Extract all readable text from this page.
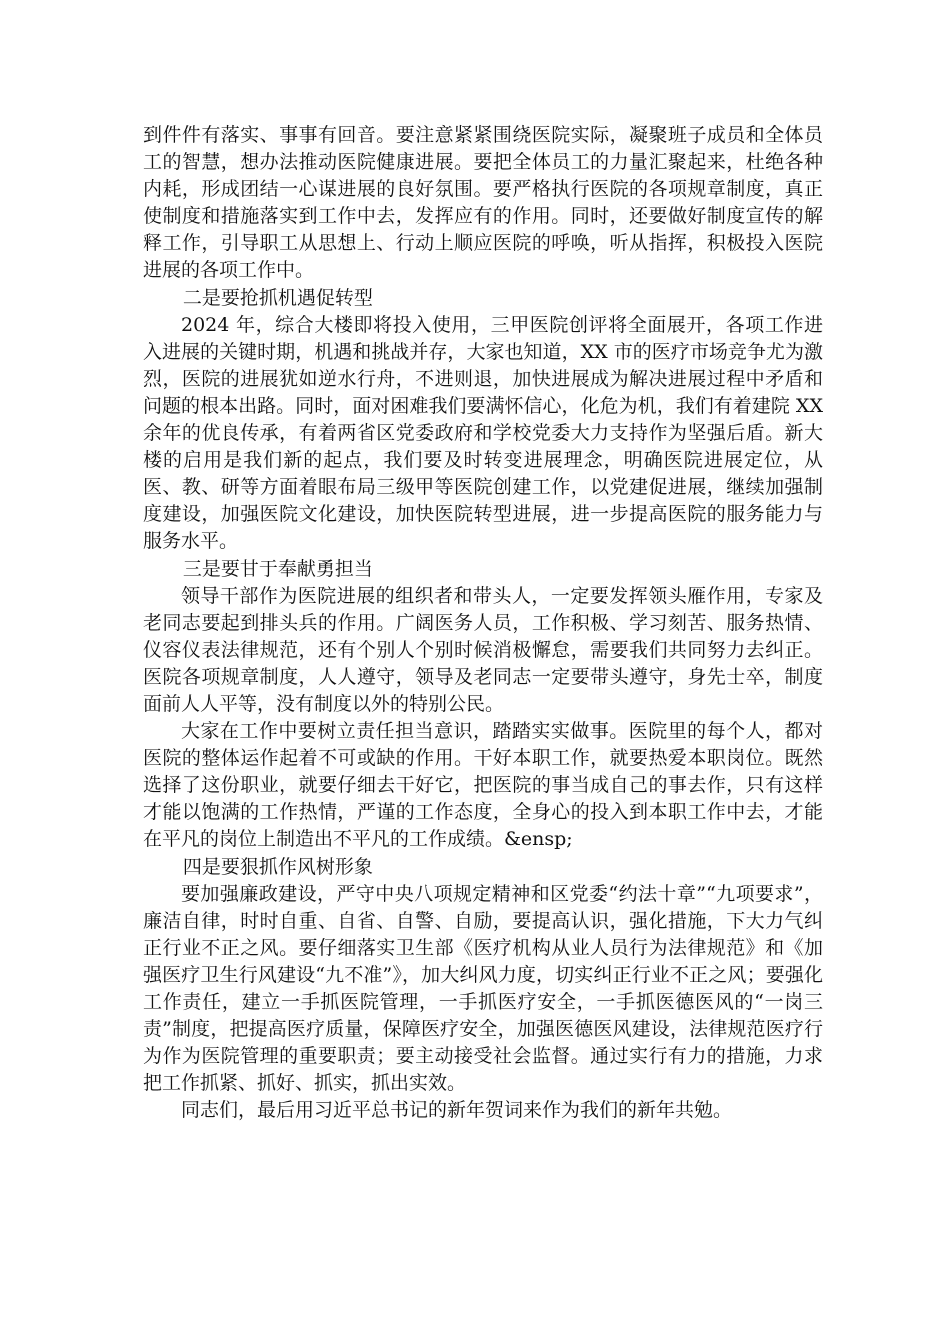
到件件有落实、事事有回音。要注意紧紧围绕医院实际，凝聚班子成员和全体员工的智慧，想办法推动医院健康进展。要把全体员工的力量汇聚起来，杜绝各种内耗，形成团结一心谋进展的良好氛围。要严格执行医院的各项规章制度，真正使制度和措施落实到工作中去，发挥应有的作用。同时，还要做好制度宣传的解释工作，引导职工从思想上、行动上顺应医院的呼唤，听从指挥，积极投入医院进展的各项工作中。

二是要抢抓机遇促转型

2024 年，综合大楼即将投入使用，三甲医院创评将全面展开，各项工作进入进展的关键时期，机遇和挑战并存，大家也知道，XX 市的医疗市场竞争尤为激烈，医院的进展犹如逆水行舟，不进则退，加快进展成为解决进展过程中矛盾和问题的根本出路。同时，面对困难我们要满怀信心，化危为机，我们有着建院 XX 余年的优良传承，有着两省区党委政府和学校党委大力支持作为坚强后盾。新大楼的启用是我们新的起点，我们要及时转变进展理念，明确医院进展定位，从医、教、研等方面着眼布局三级甲等医院创建工作，以党建促进展，继续加强制度建设，加强医院文化建设，加快医院转型进展，进一步提高医院的服务能力与服务水平。

三是要甘于奉献勇担当

领导干部作为医院进展的组织者和带头人，一定要发挥领头雁作用，专家及老同志要起到排头兵的作用。广阔医务人员，工作积极、学习刻苦、服务热情、仪容仪表法律规范，还有个别人个别时候消极懈怠，需要我们共同努力去纠正。医院各项规章制度，人人遵守，领导及老同志一定要带头遵守，身先士卒，制度面前人人平等，没有制度以外的特别公民。

大家在工作中要树立责任担当意识，踏踏实实做事。医院里的每个人，都对医院的整体运作起着不可或缺的作用。干好本职工作，就要热爱本职岗位。既然选择了这份职业，就要仔细去干好它，把医院的事当成自己的事去作，只有这样才能以饱满的工作热情，严谨的工作态度，全身心的投入到本职工作中去，才能在平凡的岗位上制造出不平凡的工作成绩。&ensp;

四是要狠抓作风树形象

要加强廉政建设，严守中央八项规定精神和区党委“约法十章”“九项要求”，廉洁自律，时时自重、自省、自警、自励，要提高认识，强化措施，下大力气纠正行业不正之风。要仔细落实卫生部《医疗机构从业人员行为法律规范》和《加强医疗卫生行风建设“九不准”》，加大纠风力度，切实纠正行业不正之风；要强化工作责任，建立一手抓医院管理，一手抓医疗安全，一手抓医德医风的“一岗三责”制度，把提高医疗质量，保障医疗安全，加强医德医风建设，法律规范医疗行为作为医院管理的重要职责；要主动接受社会监督。通过实行有力的措施，力求把工作抓紧、抓好、抓实，抓出实效。

同志们，最后用习近平总书记的新年贺词来作为我们的新年共勉。
